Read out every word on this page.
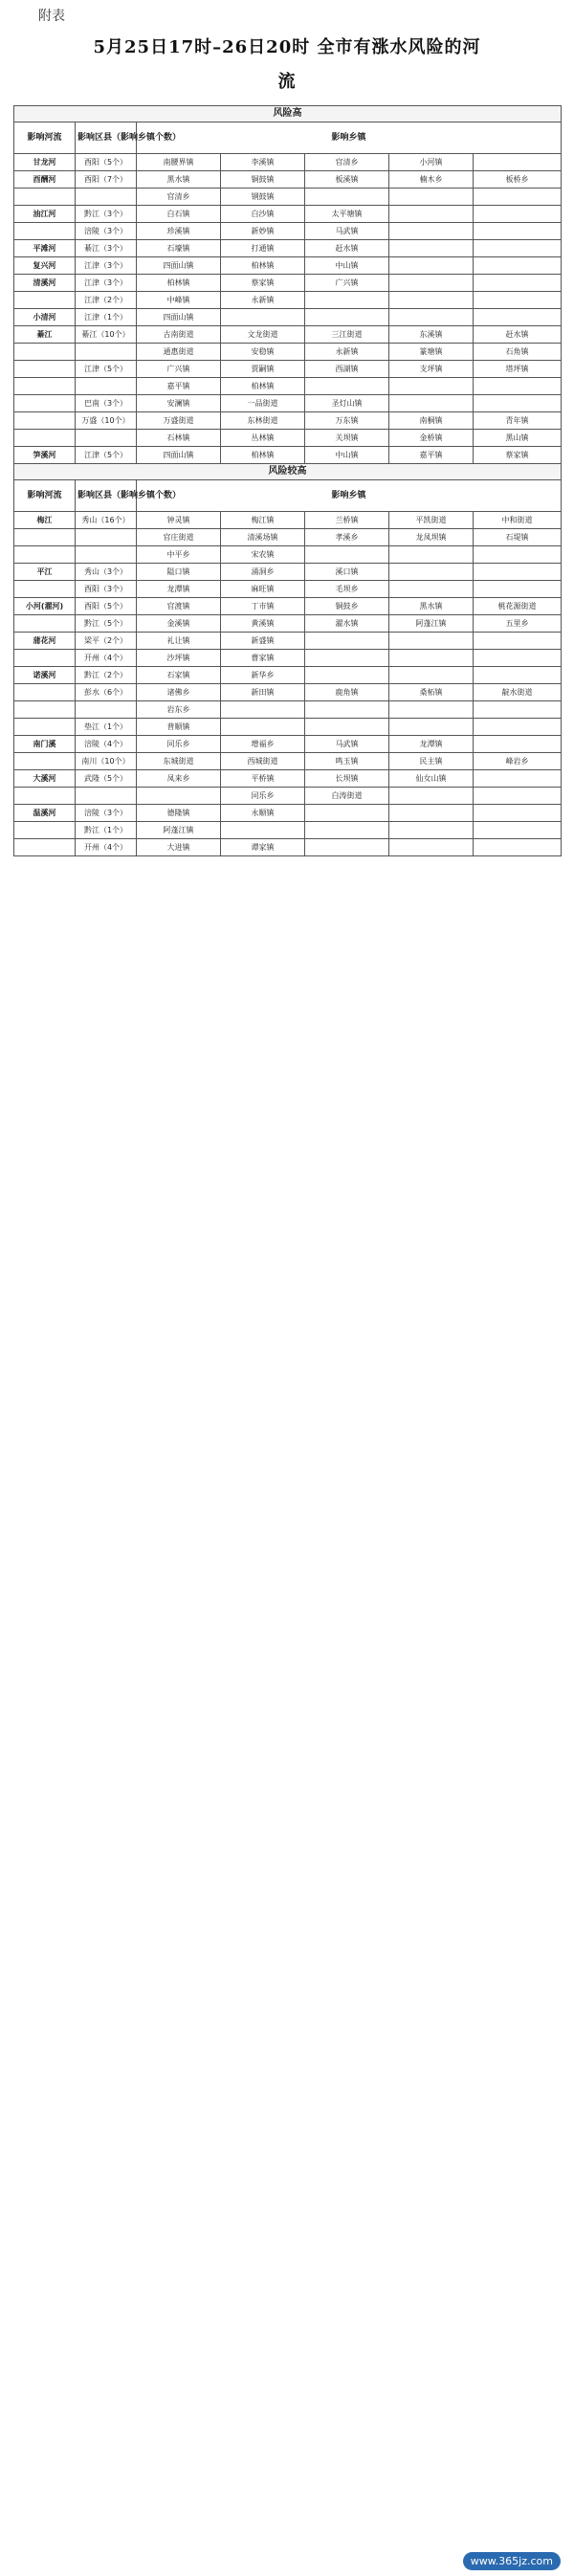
附表
5月25日17时–26日20时 全市有涨水风险的河
流
风险高						
影响河流	影响区县（影响乡镇个数）	影响乡镇				
甘龙河	酉阳（5个）	南腰界镇	李溪镇	官清乡	小河镇	
酉酬河	酉阳（7个）	黑水镇	铜鼓镇	板溪镇	楠木乡	板桥乡
		官清乡	钢鼓镇			
油江河	黔江（3个）	白石镇	白沙镇	太平塘镇		
	涪陵（3个）	珍溪镇	新妙镇	马武镇		
平滩河	綦江（3个）	石壕镇	打通镇	赶水镇		
复兴河	江津（3个）	四面山镇	柏林镇	中山镇		
清溪河	江津（3个）	柏林镇	蔡家镇	广兴镇		
	江津（2个）	中峰镇	永新镇			
小清河	江津（1个）	四面山镇				
綦江	綦江（10个）	古南街道	文龙街道	三江街道	东溪镇	赶水镇
		通惠街道	安稳镇	永新镇	篆塘镇	石角镇
	江津（5个）	广兴镇	贾嗣镇	西湖镇	支坪镇	塔坪镇
		嘉平镇	柏林镇			
	巴南（3个）	安澜镇	一品街道	圣灯山镇		
	万盛（10个）	万盛街道	东林街道	万东镇	南桐镇	青年镇
		石林镇	丛林镇	关坝镇	金桥镇	黑山镇
笋溪河	江津（5个）	四面山镇	柏林镇	中山镇	嘉平镇	蔡家镇
风险较高						
影响河流	影响区县（影响乡镇个数）	影响乡镇				
梅江	秀山（16个）	钟灵镇	梅江镇	兰桥镇	平凯街道	中和街道
		官庄街道	清溪场镇	孝溪乡	龙凤坝镇	石堤镇
		中平乡	宋农镇			
平江	秀山（3个）	隘口镇	涌洞乡	溪口镇		
	酉阳（3个）	龙潭镇	麻旺镇	毛坝乡		
小河(濯河)	酉阳（5个）	官渡镇	丁市镇	铜鼓乡	黑水镇	桃花源街道
	黔江（5个）	金溪镇	黄溪镇	濯水镇	阿蓬江镇	五里乡
蒲花河	梁平（2个）	礼让镇	新盛镇			
	开州（4个）	沙坪镇	曹家镇			
诺溪河	黔江（2个）	石家镇	新华乡			
	彭水（6个）	诸佛乡	新田镇	鹿角镇	桑柘镇	靛水街道
		岩东乡				
	垫江（1个）	普顺镇				
南门溪	涪陵（4个）	同乐乡	增福乡	马武镇	龙潭镇	
	南川（10个）	东城街道	西城街道	鸣玉镇	民主镇	峰岩乡
大溪河	武隆（5个）	凤来乡	平桥镇	长坝镇	仙女山镇	
			同乐乡	白涛街道		
温溪河	涪陵（3个）	德隆镇	永顺镇			
	黔江（1个）	阿蓬江镇				
	开州（4个）	大进镇	谭家镇			
www.365jz.com
